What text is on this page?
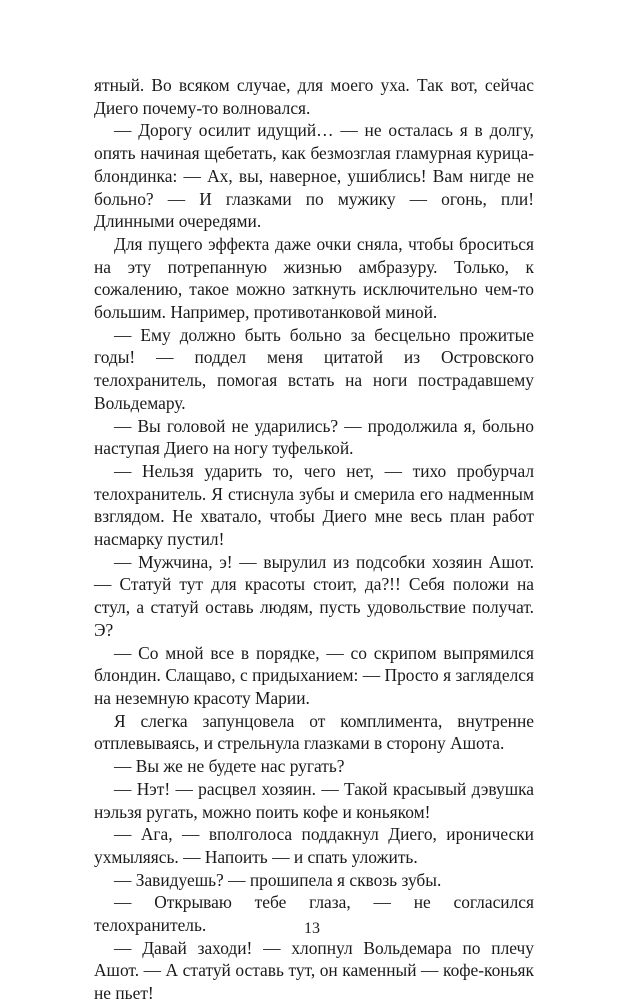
ятный. Во всяком случае, для моего уха. Так вот, сейчас Диего почему-то волновался.

— Дорогу осилит идущий… — не осталась я в долгу, опять начиная щебетать, как безмозглая гламурная курица-блондинка: — Ах, вы, наверное, ушиблись! Вам нигде не больно? — И глазками по мужику — огонь, пли! Длинными очередями.

Для пущего эффекта даже очки сняла, чтобы броситься на эту потрепанную жизнью амбразуру. Только, к сожалению, такое можно заткнуть исключительно чем-то большим. Например, противотанковой миной.

— Ему должно быть больно за бесцельно прожитые годы! — поддел меня цитатой из Островского телохранитель, помогая встать на ноги пострадавшему Вольдемару.

— Вы головой не ударились? — продолжила я, больно наступая Диего на ногу туфелькой.

— Нельзя ударить то, чего нет, — тихо пробурчал телохранитель. Я стиснула зубы и смерила его надменным взглядом. Не хватало, чтобы Диего мне весь план работ насмарку пустил!

— Мужчина, э! — вырулил из подсобки хозяин Ашот. — Статуй тут для красоты стоит, да?!! Себя положи на стул, а статуй оставь людям, пусть удовольствие получат. Э?

— Со мной все в порядке, — со скрипом выпрямился блондин. Слащаво, с придыханием: — Просто я загляделся на неземную красоту Марии.

Я слегка запунцовела от комплимента, внутренне отплевываясь, и стрельнула глазками в сторону Ашота.

— Вы же не будете нас ругать?

— Нэт! — расцвел хозяин. — Такой красывый дэвушка нэльзя ругать, можно поить кофе и коньяком!

— Ага, — вполголоса поддакнул Диего, иронически ухмыляясь. — Напоить — и спать уложить.

— Завидуешь? — прошипела я сквозь зубы.

— Открываю тебе глаза, — не согласился телохранитель.

— Давай заходи! — хлопнул Вольдемара по плечу Ашот. — А статуй оставь тут, он каменный — кофе-коньяк не пьет!

13
